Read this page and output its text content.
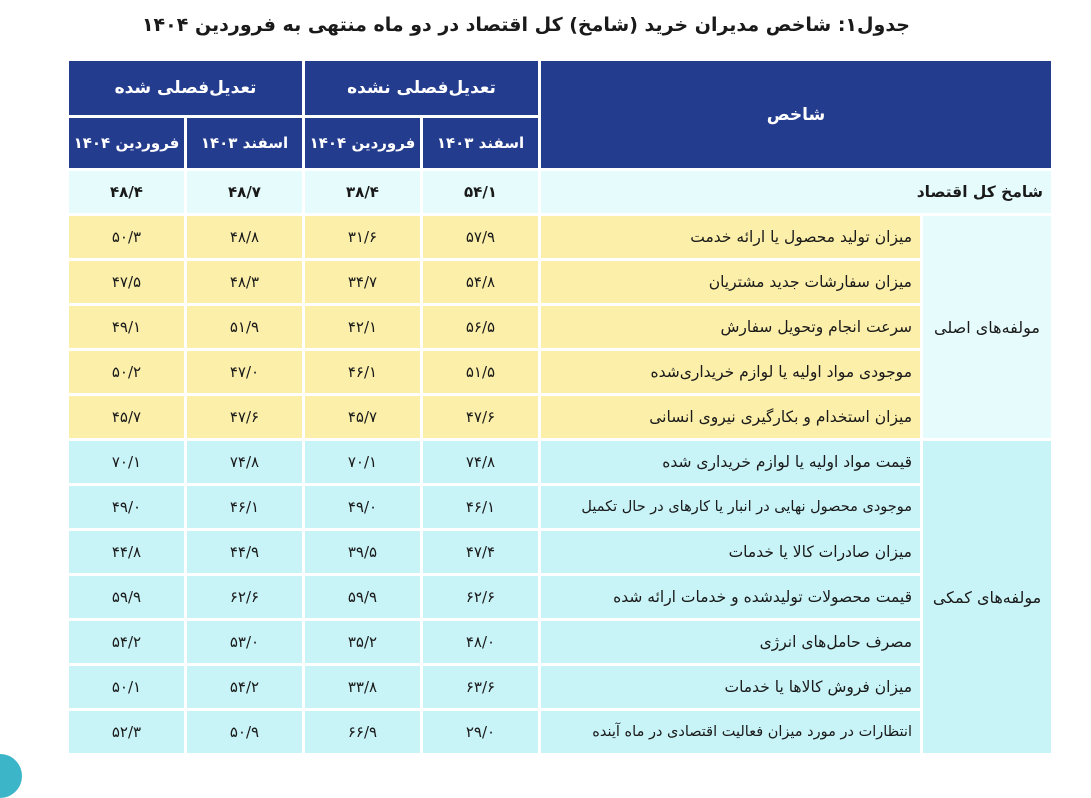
جدول۱: شاخص مدیران خرید (شامخ) کل اقتصاد در دو ماه منتهی به فروردین ۱۴۰۴
شاخص		تعدیل‌فصلی نشده		تعدیل‌فصلی شده	
		اسفند ۱۴۰۳	فروردین ۱۴۰۴	اسفند ۱۴۰۳	فروردین ۱۴۰۴
شامخ کل اقتصاد		۵۴/۱	۳۸/۴	۴۸/۷	۴۸/۴
مولفه‌های اصلی	میزان تولید محصول یا ارائه خدمت	۵۷/۹	۳۱/۶	۴۸/۸	۵۰/۳
	میزان سفارشات جدید مشتریان	۵۴/۸	۳۴/۷	۴۸/۳	۴۷/۵
	سرعت انجام وتحویل سفارش	۵۶/۵	۴۲/۱	۵۱/۹	۴۹/۱
	موجودی مواد اولیه یا لوازم خریداری‌شده	۵۱/۵	۴۶/۱	۴۷/۰	۵۰/۲
	میزان استخدام و بکارگیری نیروی انسانی	۴۷/۶	۴۵/۷	۴۷/۶	۴۵/۷
مولفه‌های کمکی	قیمت مواد اولیه یا لوازم خریداری شده	۷۴/۸	۷۰/۱	۷۴/۸	۷۰/۱
	موجودی محصول نهایی در انبار یا کارهای در حال تکمیل	۴۶/۱	۴۹/۰	۴۶/۱	۴۹/۰
	میزان صادرات کالا یا خدمات	۴۷/۴	۳۹/۵	۴۴/۹	۴۴/۸
	قیمت محصولات تولیدشده و خدمات ارائه شده	۶۲/۶	۵۹/۹	۶۲/۶	۵۹/۹
	مصرف حامل‌های انرژی	۴۸/۰	۳۵/۲	۵۳/۰	۵۴/۲
	میزان فروش کالاها یا خدمات	۶۳/۶	۳۳/۸	۵۴/۲	۵۰/۱
	انتظارات در مورد میزان فعالیت اقتصادی در ماه آینده	۲۹/۰	۶۶/۹	۵۰/۹	۵۲/۳
